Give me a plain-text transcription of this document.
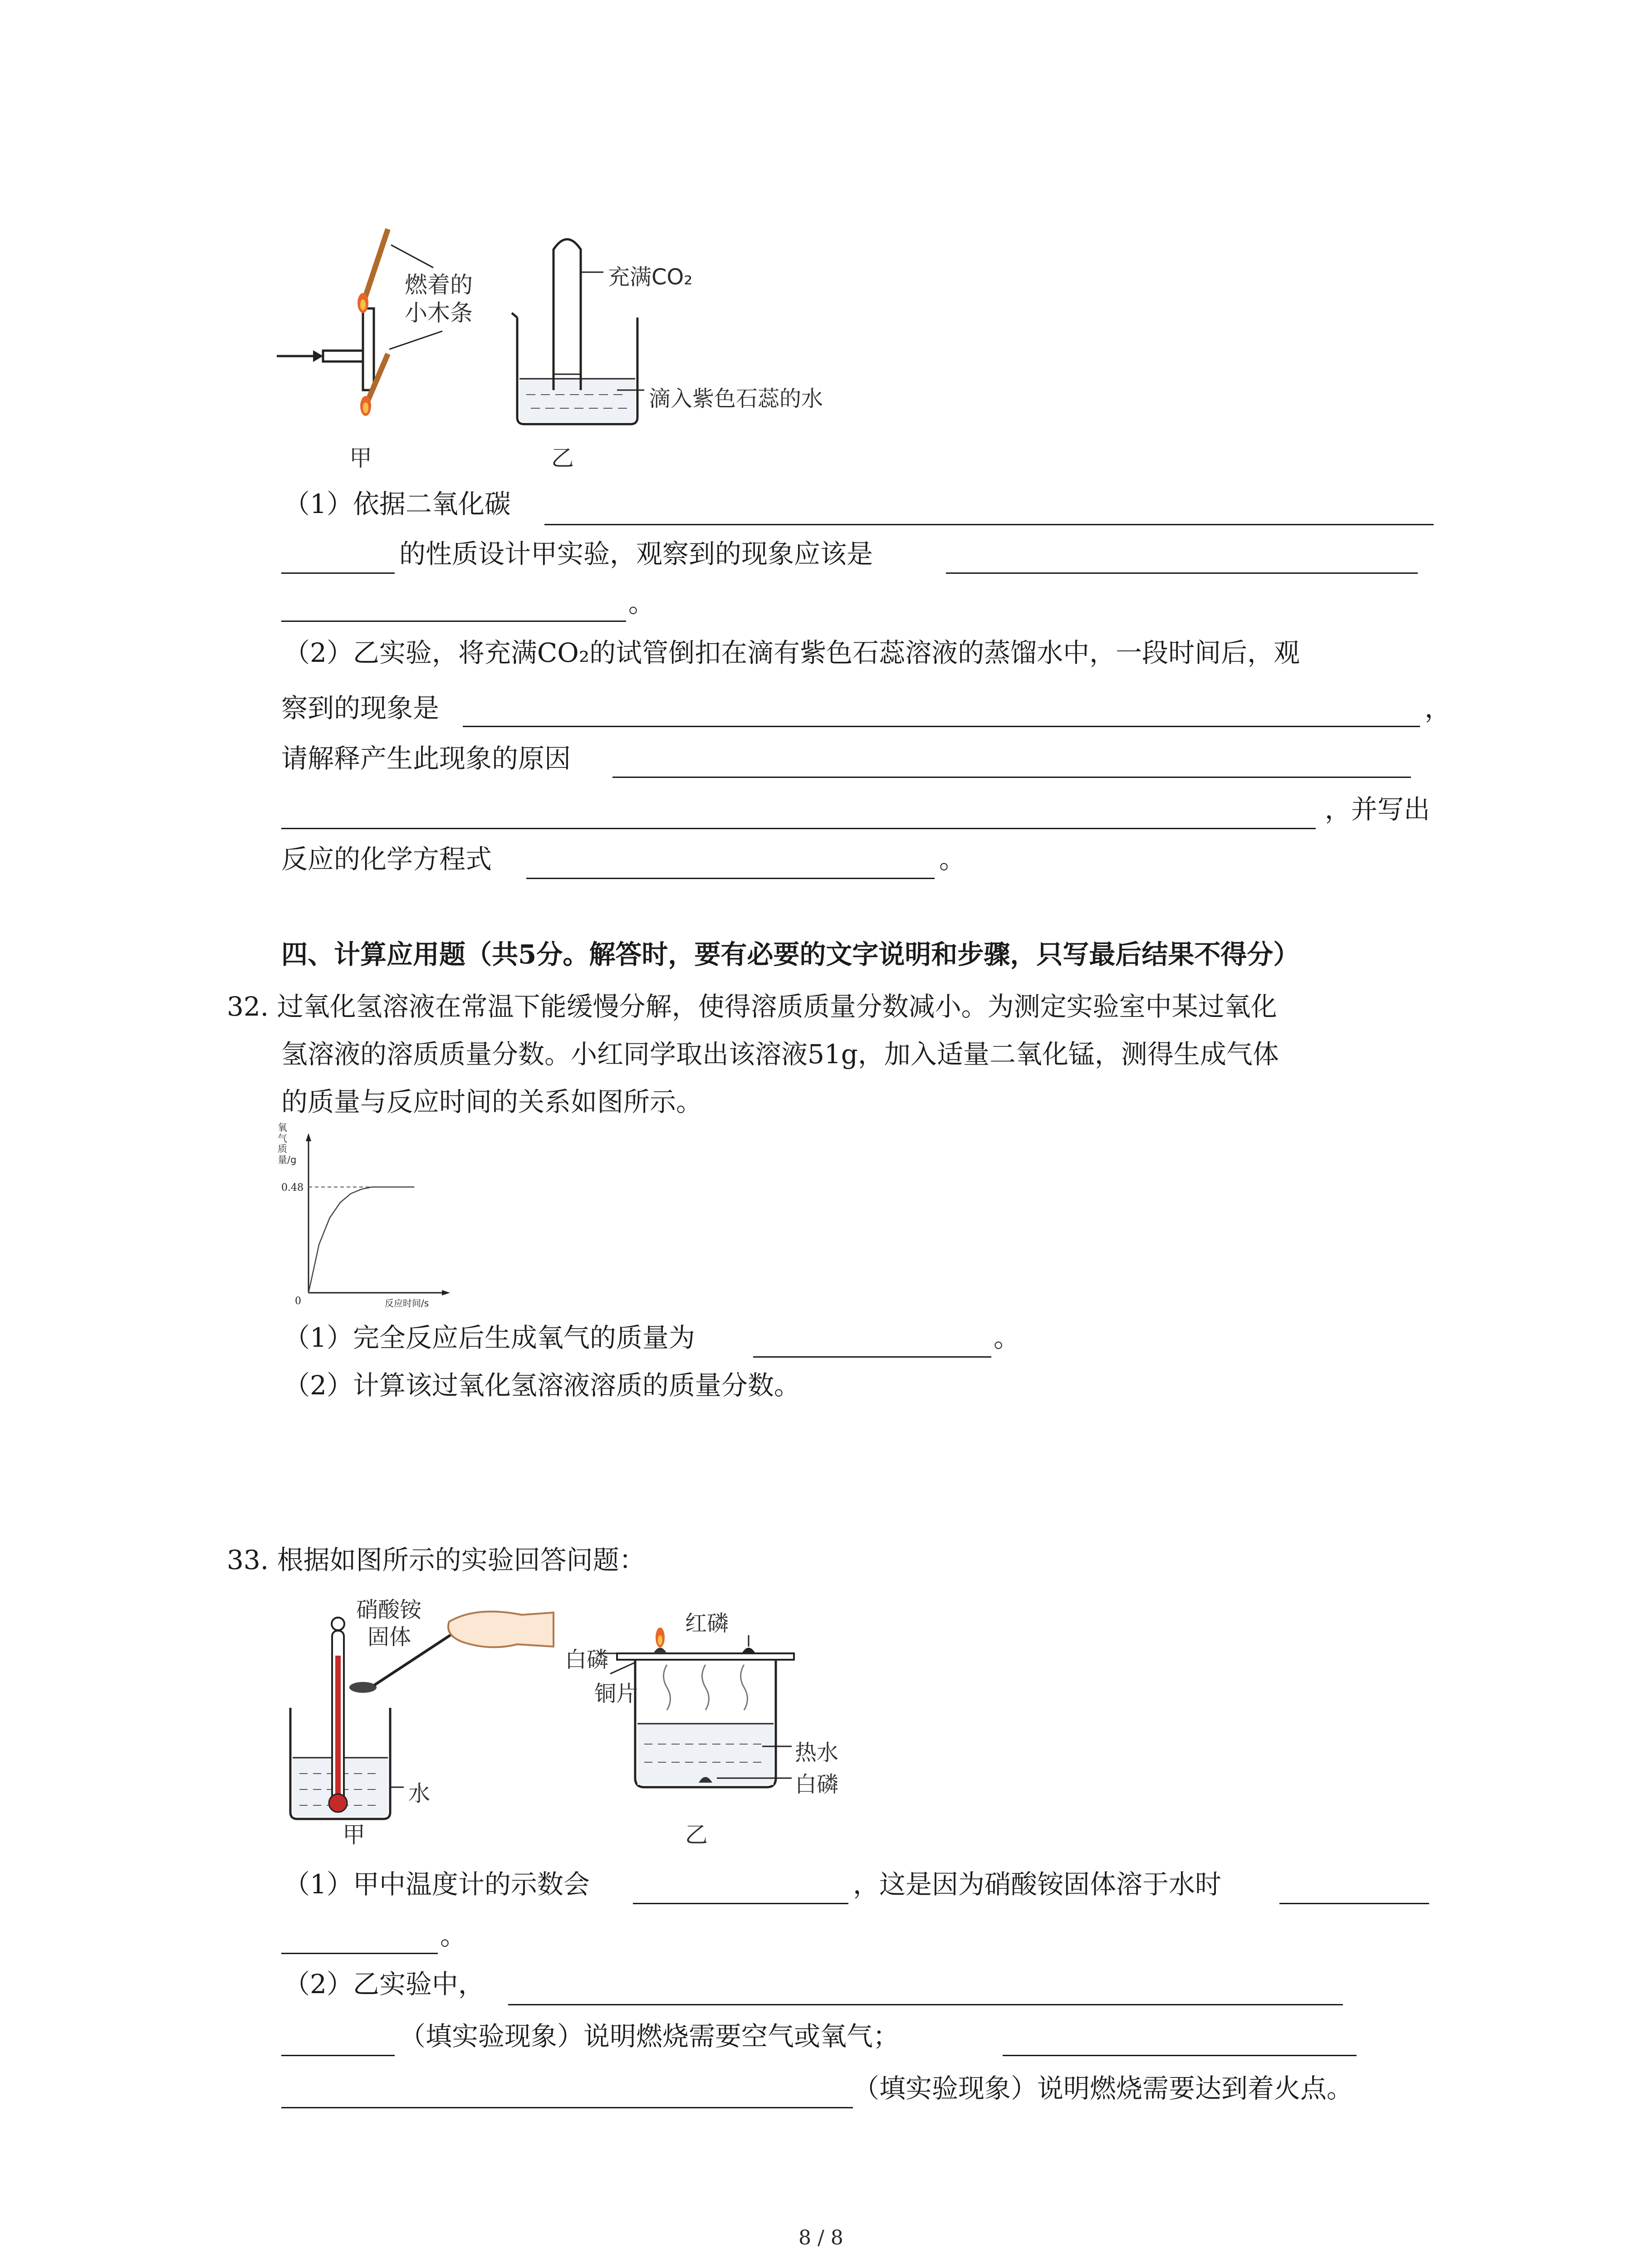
燃着的
小木条
充满CO₂
滴入紫色石蕊的水
甲	乙
（1）依据二氧化碳
的性质设计甲实验，观察到的现象应该是
。
（2）乙实验，将充满CO₂的试管倒扣在滴有紫色石蕊溶液的蒸馏水中，一段时间后，观
察到的现象是	，
请解释产生此现象的原因
，并写出
反应的化学方程式	。
四、计算应用题（共5分。解答时，要有必要的文字说明和步骤，只写最后结果不得分）
32. 过氧化氢溶液在常温下能缓慢分解，使得溶质质量分数减小。为测定实验室中某过氧化
氢溶液的溶质质量分数。小红同学取出该溶液51g，加入适量二氧化锰，测得生成气体
的质量与反应时间的关系如图所示。
0.48
0	反应时间/s
氧气质量/g
（1）完全反应后生成氧气的质量为	。
（2）计算该过氧化氢溶液溶质的质量分数。
33. 根据如图所示的实验回答问题：
硝酸铵
固体
水
红磷
白磷
铜片
热水
白磷
甲	乙
（1）甲中温度计的示数会	，这是因为硝酸铵固体溶于水时
。
（2）乙实验中，
（填实验现象）说明燃烧需要空气或氧气；
（填实验现象）说明燃烧需要达到着火点。
8 / 8
